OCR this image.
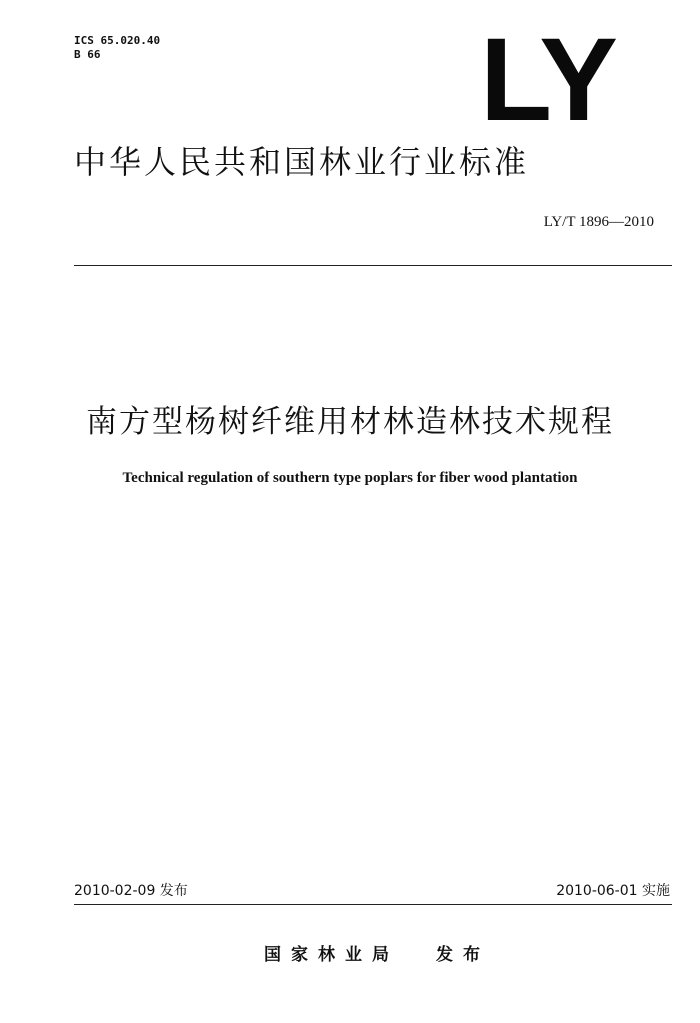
ICS 65.020.40
B 66	LY
中华人民共和国林业行业标准
LY/T 1896—2010
南方型杨树纤维用材林造林技术规程
Technical regulation of southern type poplars for fiber wood plantation
2010-02-09 发布	2010-06-01 实施
国家林业局 发布
